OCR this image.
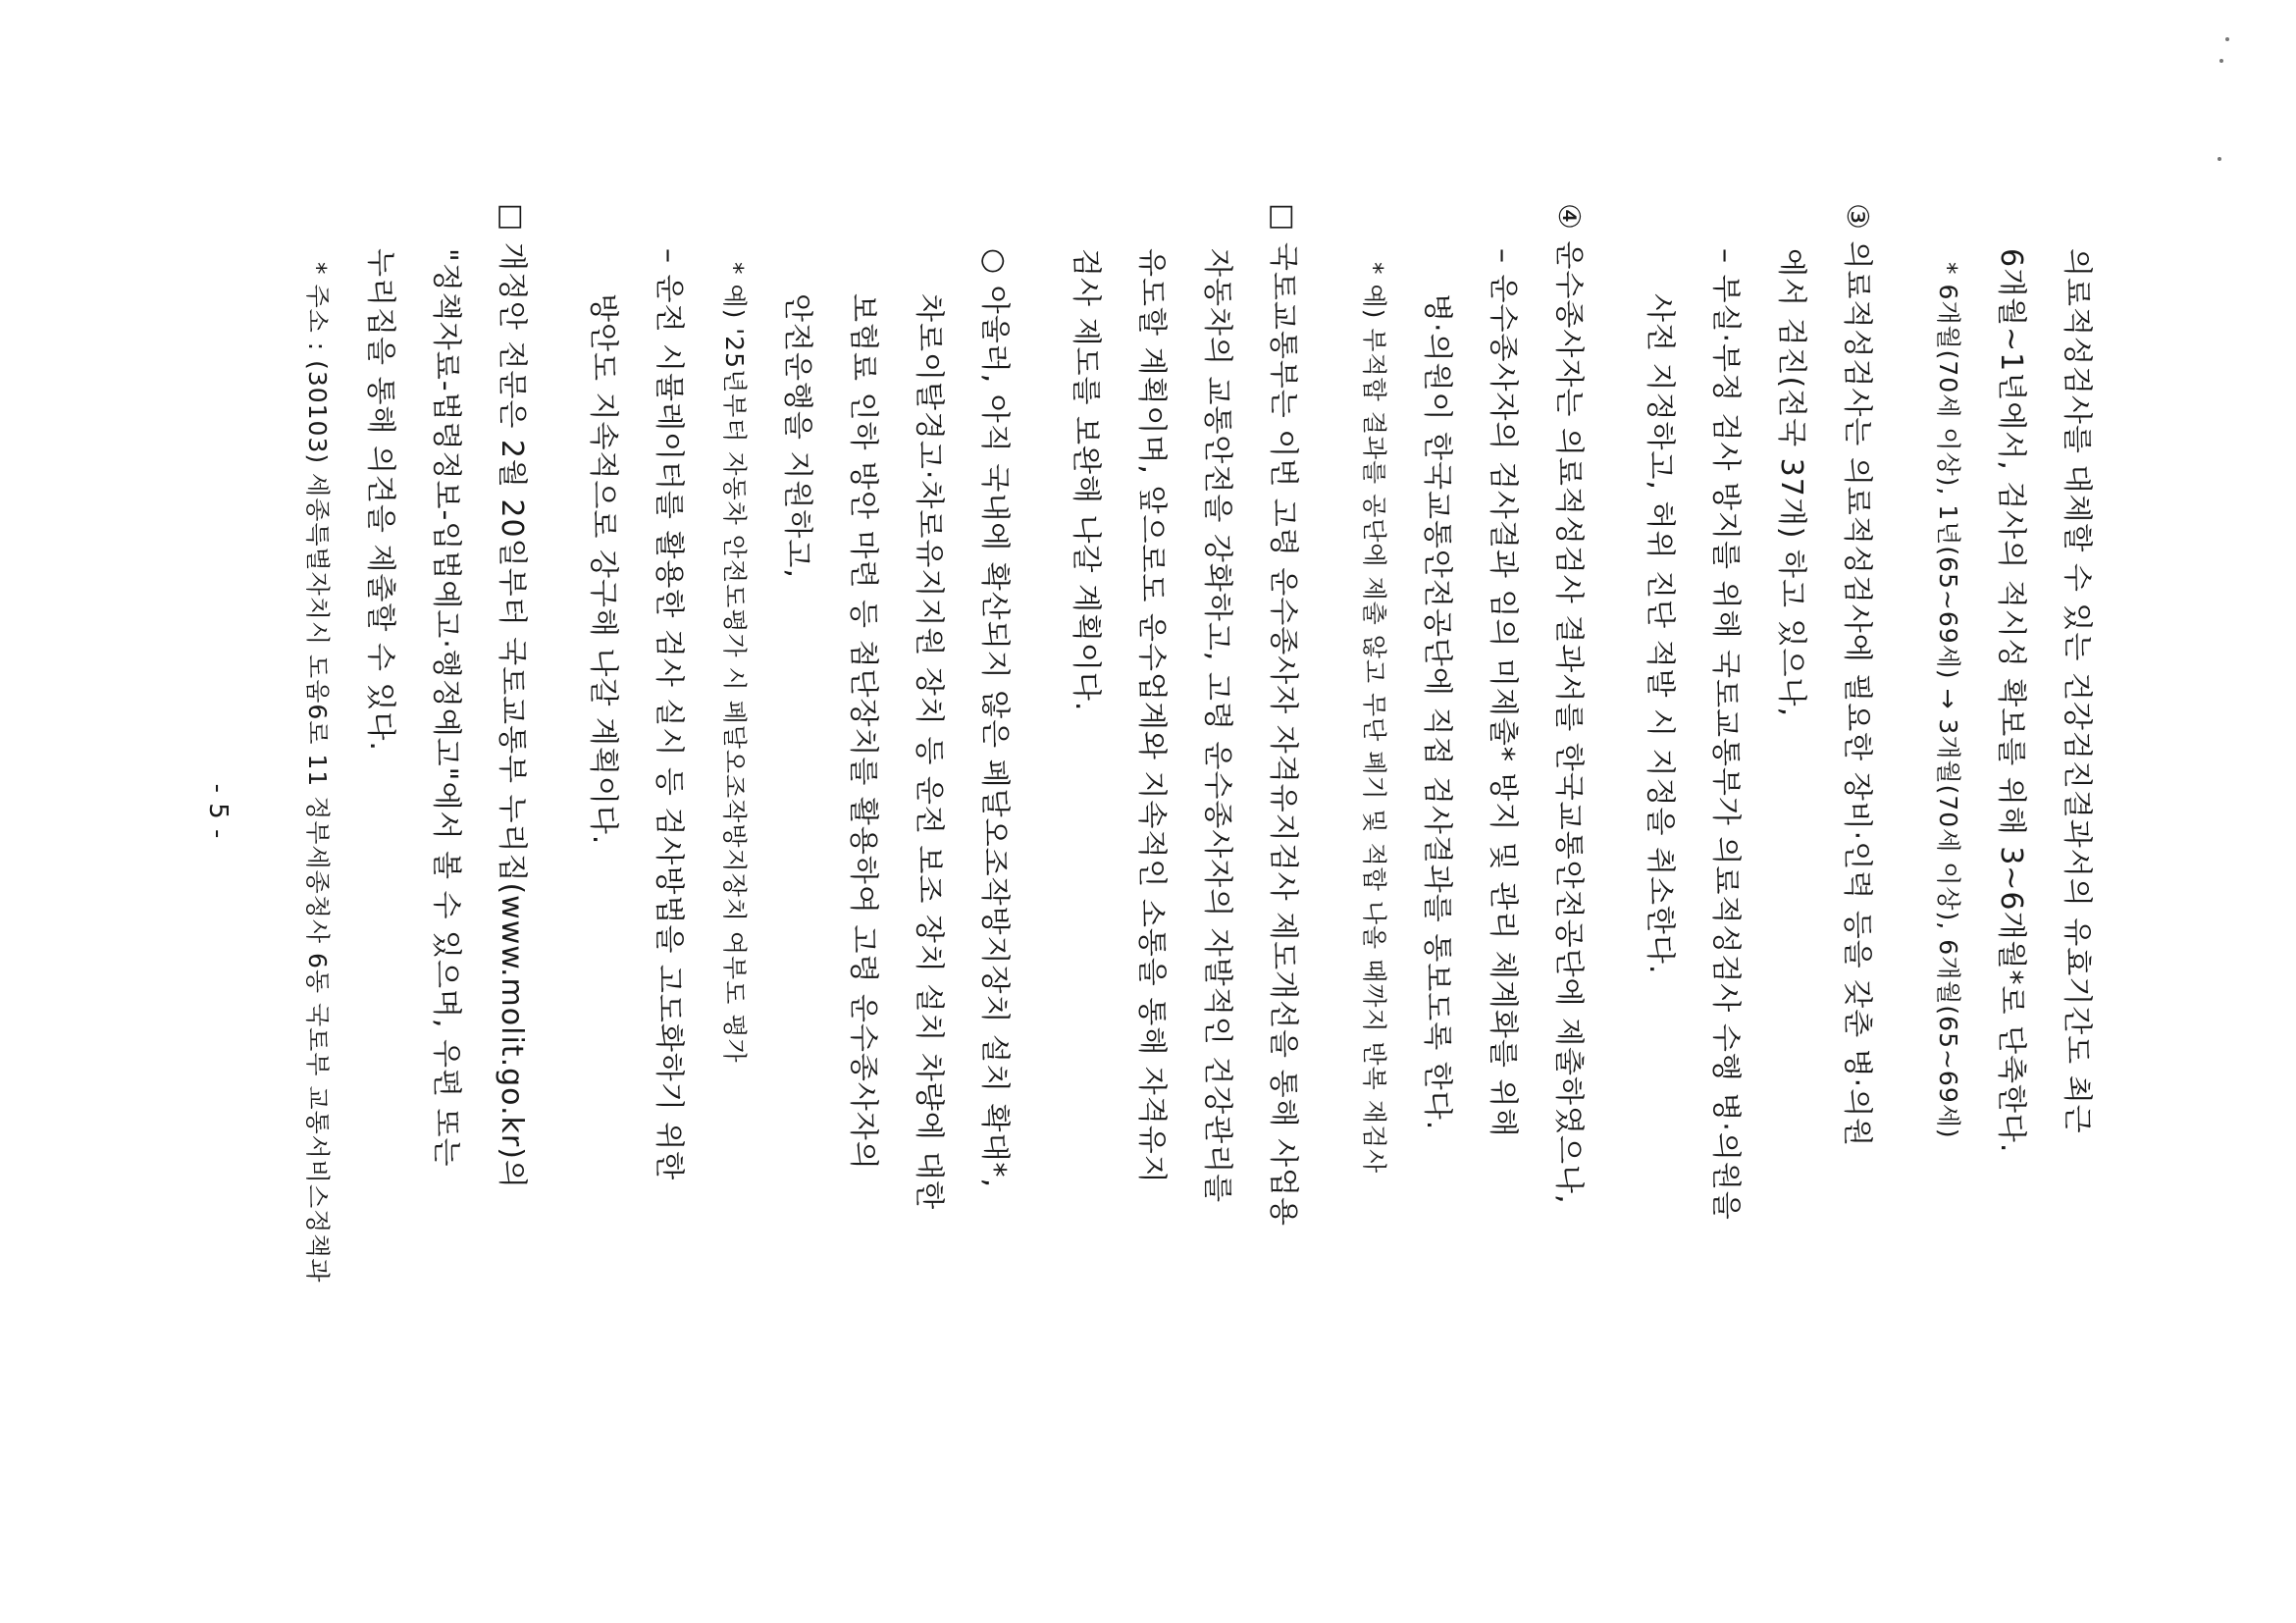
의료적성검사를 대체할 수 있는 건강검진결과서의 유효기간도 최근
6개월~1년에서, 검사의 적시성 확보를 위해 3~6개월*로 단축한다.
* 6개월(70세 이상), 1년(65~69세) → 3개월(70세 이상), 6개월(65~69세)
③ 의료적성검사는 의료적성검사에 필요한 장비·인력 등을 갖춘 병·의원
에서 검진(전국 37개) 하고 있으나,
– 부실·부정 검사 방지를 위해 국토교통부가 의료적성검사 수행 병·의원을
사전 지정하고, 허위 진단 적발 시 지정을 취소한다.
④ 운수종사자는 의료적성검사 결과서를 한국교통안전공단에 제출하였으나,
– 운수종사자의 검사결과 임의 미제출* 방지 및 관리 체계화를 위해
병·의원이 한국교통안전공단에 직접 검사결과를 통보도록 한다.
* 예) 부적합 결과를 공단에 제출 않고 무단 폐기 및 적합 나올 때까지 반복 재검사
□ 국토교통부는 이번 고령 운수종사자 자격유지검사 제도개선을 통해 사업용
자동차의 교통안전을 강화하고, 고령 운수종사자의 자발적인 건강관리를
유도할 계획이며, 앞으로도 운수업계와 지속적인 소통을 통해 자격유지
검사 제도를 보완해 나갈 계획이다.
○ 아울러, 아직 국내에 확산되지 않은 페달오조작방지장치 설치 확대*,
차로이탈경고·차로유지지원 장치 등 운전 보조 장치 설치 차량에 대한
보험료 인하 방안 마련 등 첨단장치를 활용하여 고령 운수종사자의
안전운행을 지원하고,
* 예) '25년부터 자동차 안전도평가 시 페달오조작방지장치 여부도 평가
– 운전 시뮬레이터를 활용한 검사 실시 등 검사방법을 고도화하기 위한
방안도 지속적으로 강구해 나갈 계획이다.
□ 개정안 전문은 2월 20일부터 국토교통부 누리집(www.molit.go.kr)의
"정책자료-법령정보-입법예고·행정예고"에서 볼 수 있으며, 우편 또는
누리집을 통해 의견을 제출할 수 있다.
* 주소 : (30103) 세종특별자치시 도움6로 11 정부세종청사 6동 국토부 교통서비스정책과
- 5 -
